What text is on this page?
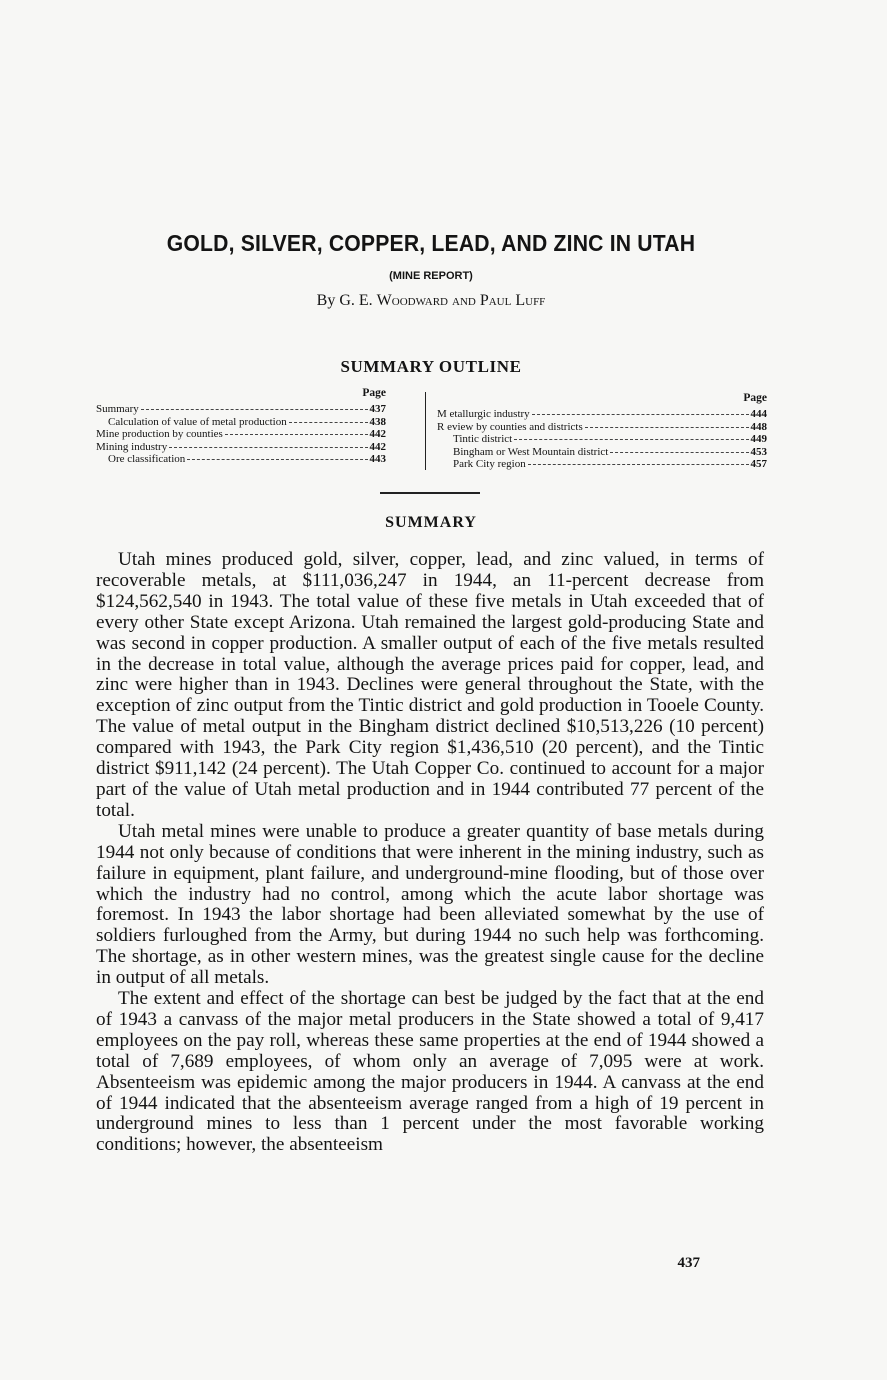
GOLD, SILVER, COPPER, LEAD, AND ZINC IN UTAH
(MINE REPORT)
By G. E. Woodward and Paul Luff
SUMMARY OUTLINE
Page
Summary	437
Calculation of value of metal production	438
Mine production by counties	442
Mining industry	442
Ore classification	443
Page
M etallurgic industry	444
R eview by counties and districts	448
Tintic district	449
Bingham or West Mountain district	453
Park City region	457
SUMMARY

Utah mines produced gold, silver, copper, lead, and zinc valued, in terms of recoverable metals, at $111,036,247 in 1944, an 11-percent decrease from $124,562,540 in 1943. The total value of these five metals in Utah exceeded that of every other State except Arizona. Utah remained the largest gold-producing State and was second in copper production. A smaller output of each of the five metals resulted in the decrease in total value, although the average prices paid for copper, lead, and zinc were higher than in 1943. Declines were general throughout the State, with the exception of zinc output from the Tintic district and gold production in Tooele County. The value of metal output in the Bingham district declined $10,513,226 (10 percent) compared with 1943, the Park City region $1,436,510 (20 percent), and the Tintic district $911,142 (24 percent). The Utah Copper Co. continued to account for a major part of the value of Utah metal production and in 1944 contributed 77 percent of the total.

Utah metal mines were unable to produce a greater quantity of base metals during 1944 not only because of conditions that were inherent in the mining industry, such as failure in equipment, plant failure, and underground-mine flooding, but of those over which the industry had no control, among which the acute labor shortage was foremost. In 1943 the labor shortage had been alleviated somewhat by the use of soldiers furloughed from the Army, but during 1944 no such help was forthcoming. The shortage, as in other western mines, was the greatest single cause for the decline in output of all metals.

The extent and effect of the shortage can best be judged by the fact that at the end of 1943 a canvass of the major metal producers in the State showed a total of 9,417 employees on the pay roll, whereas these same properties at the end of 1944 showed a total of 7,689 employees, of whom only an average of 7,095 were at work. Absenteeism was epidemic among the major producers in 1944. A canvass at the end of 1944 indicated that the absenteeism average ranged from a high of 19 percent in underground mines to less than 1 percent under the most favorable working conditions; however, the absenteeism

437
